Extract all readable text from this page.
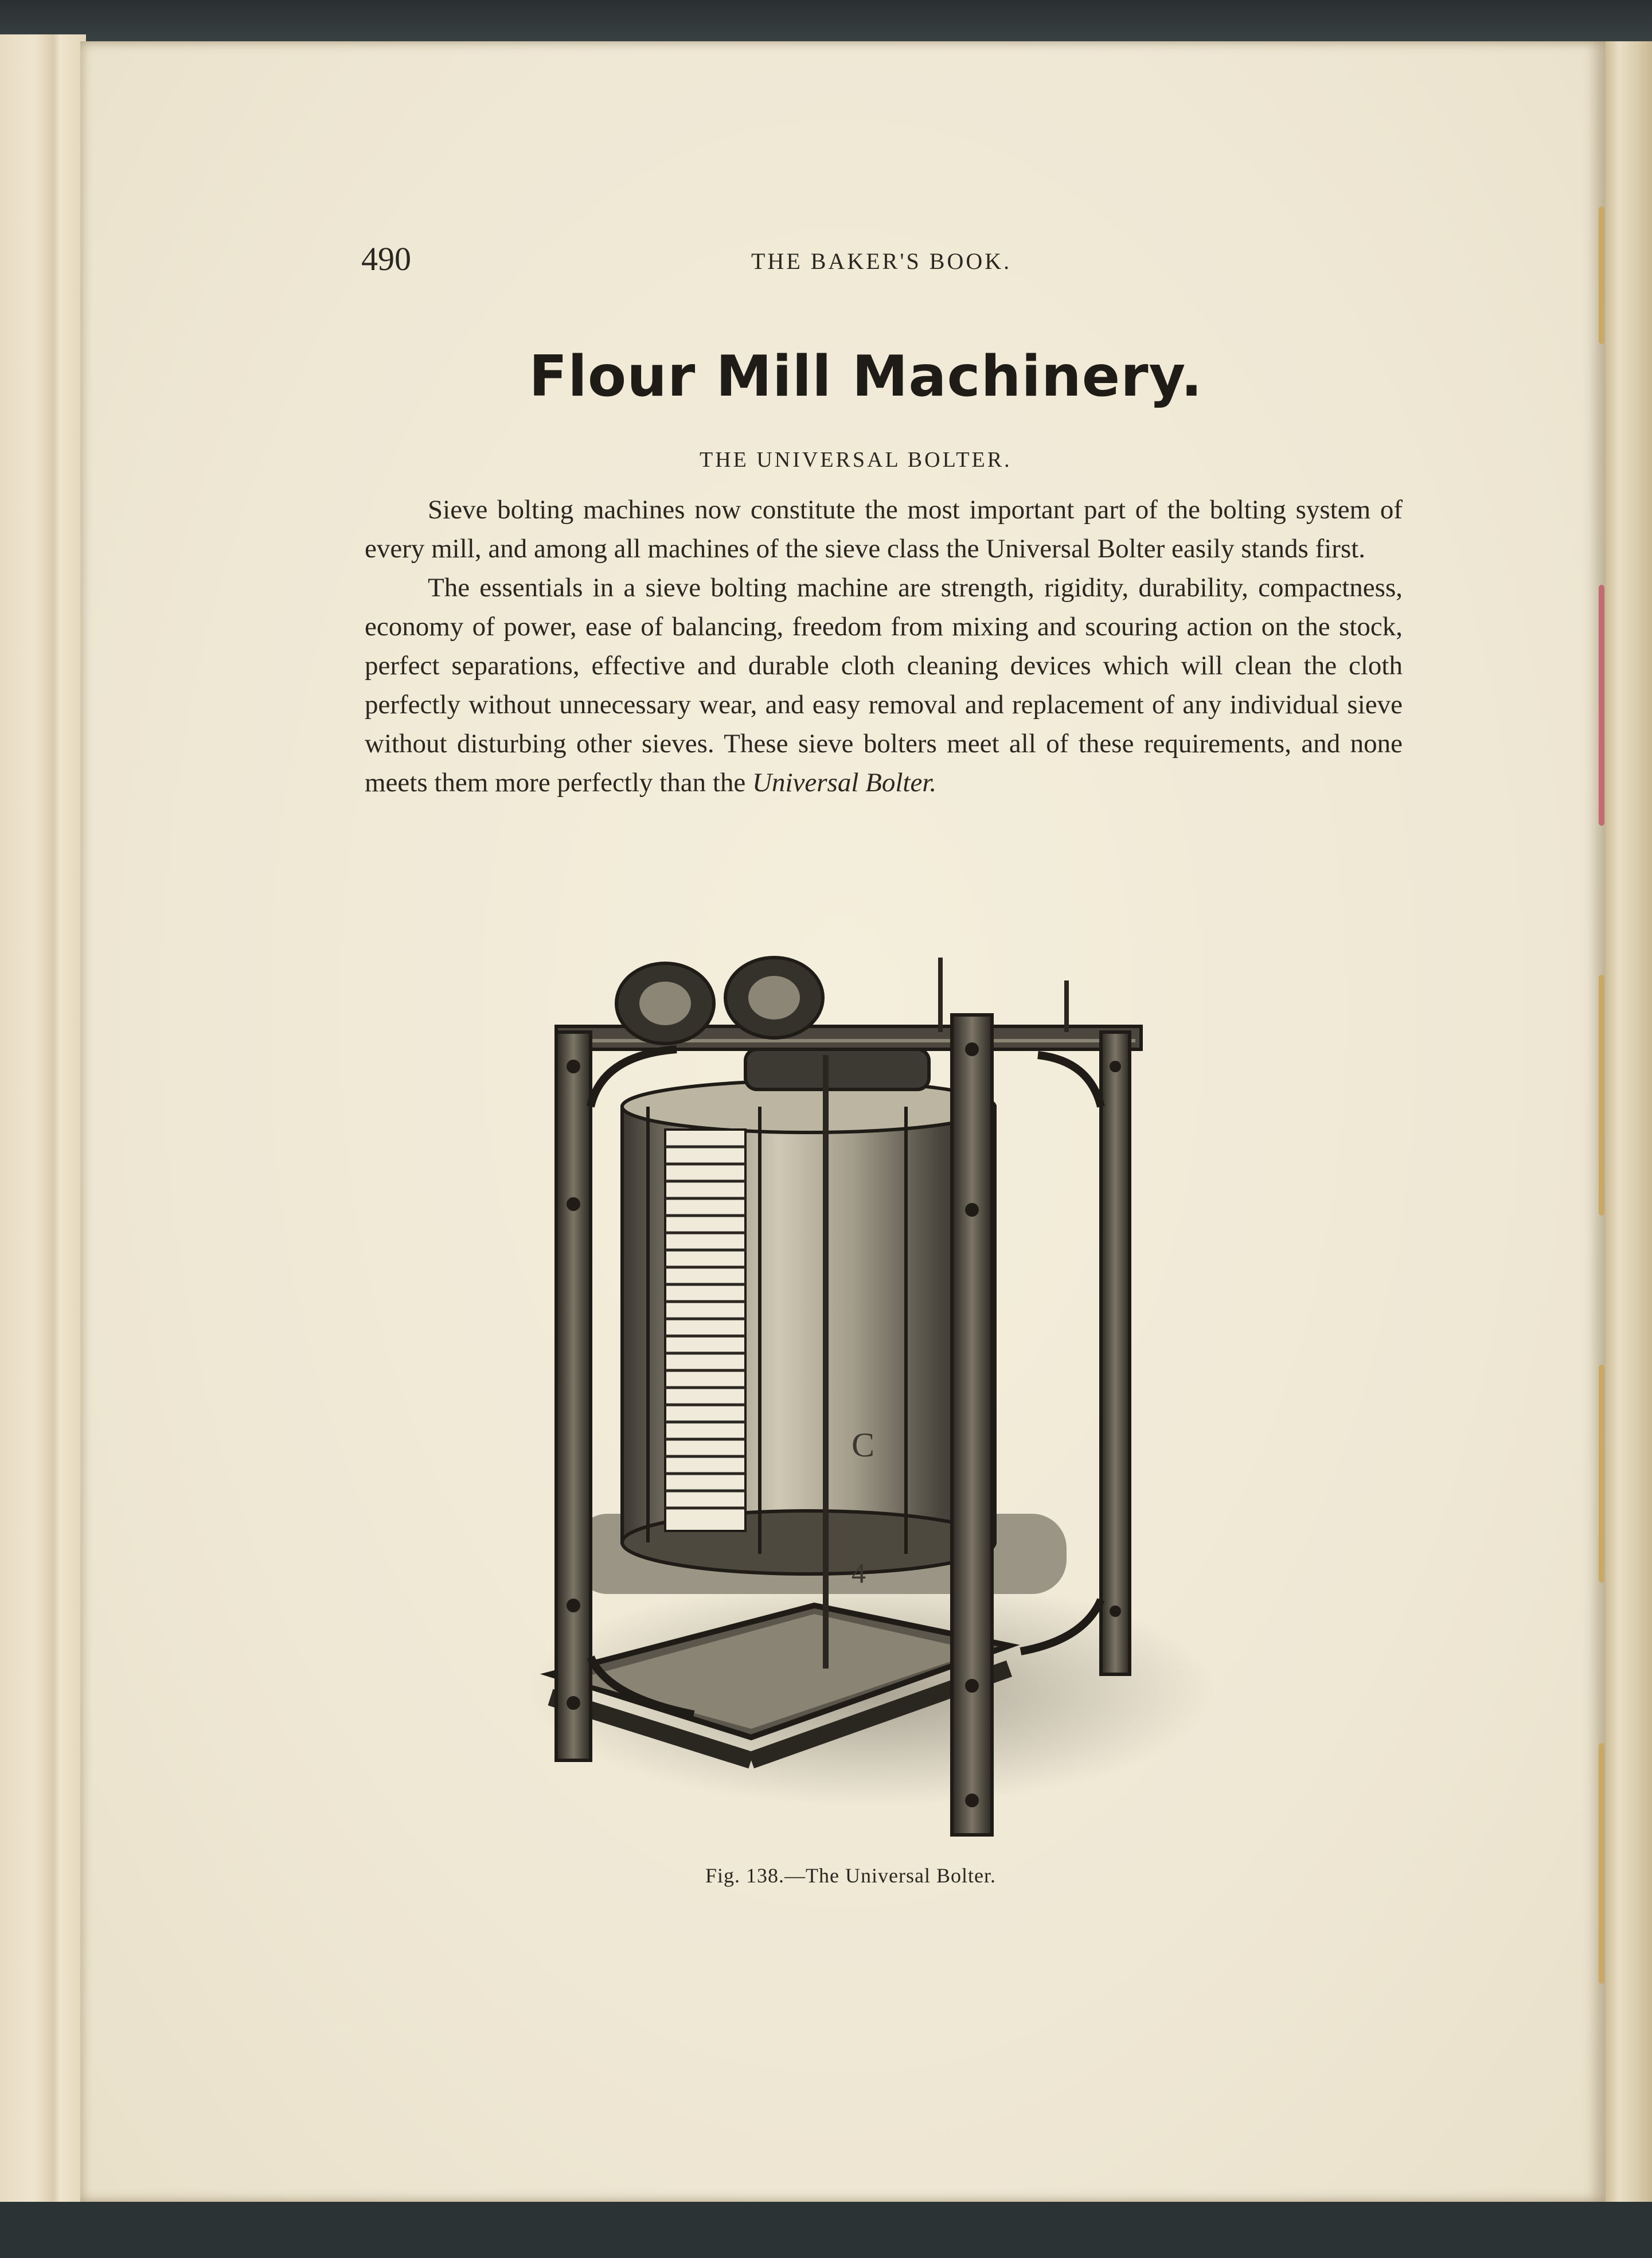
490	THE BAKER'S BOOK.
Flour Mill Machinery.
THE UNIVERSAL BOLTER.

Sieve bolting machines now constitute the most important part of the bolting system of every mill, and among all machines of the sieve class the Universal Bolter easily stands first.

The essentials in a sieve bolting machine are strength, rigidity, durability, compactness, economy of power, ease of balancing, freedom from mixing and scouring action on the stock, perfect separations, effective and durable cloth cleaning devices which will clean the cloth perfectly without unnecessary wear, and easy removal and replacement of any individual sieve without disturbing other sieves. These sieve bolters meet all of these requirements, and none meets them more perfectly than the Universal Bolter.

C
4
Fig. 138.—The Universal Bolter.
